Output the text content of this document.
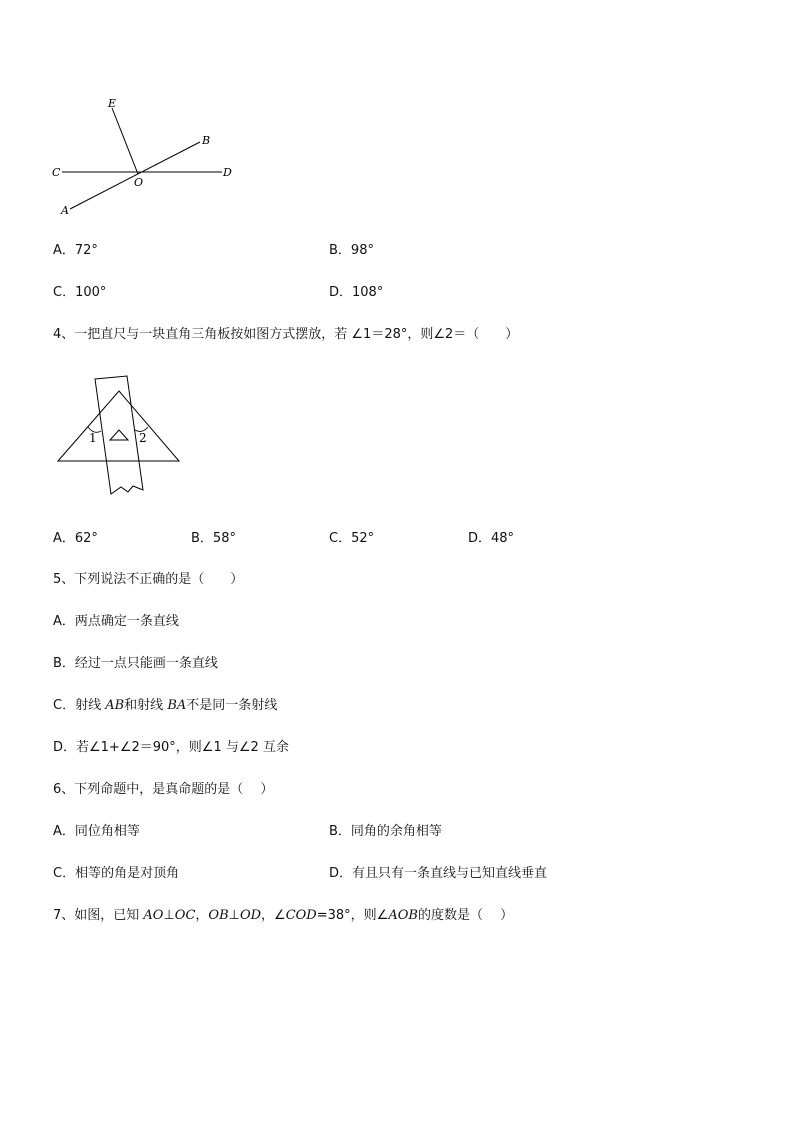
E
B
C
O
D
A
A．72°	B．98°
C．100°	D．108°
4、一把直尺与一块直角三角板按如图方式摆放，若 ∠1＝28°，则∠2＝（　　）
1	2
A．62°	B．58°	C．52°	D．48°
5、下列说法不正确的是（　　）
A．两点确定一条直线
B．经过一点只能画一条直线
C．射线 AB和射线 BA不是同一条射线
D．若∠1+∠2＝90°，则∠1 与∠2 互余
6、下列命题中，是真命题的是（　 ）
A．同位角相等	B．同角的余角相等
C．相等的角是对顶角	D．有且只有一条直线与已知直线垂直
7、如图，已知 AO⊥OC，OB⊥OD，∠COD=38°，则∠AOB的度数是（　 ）
